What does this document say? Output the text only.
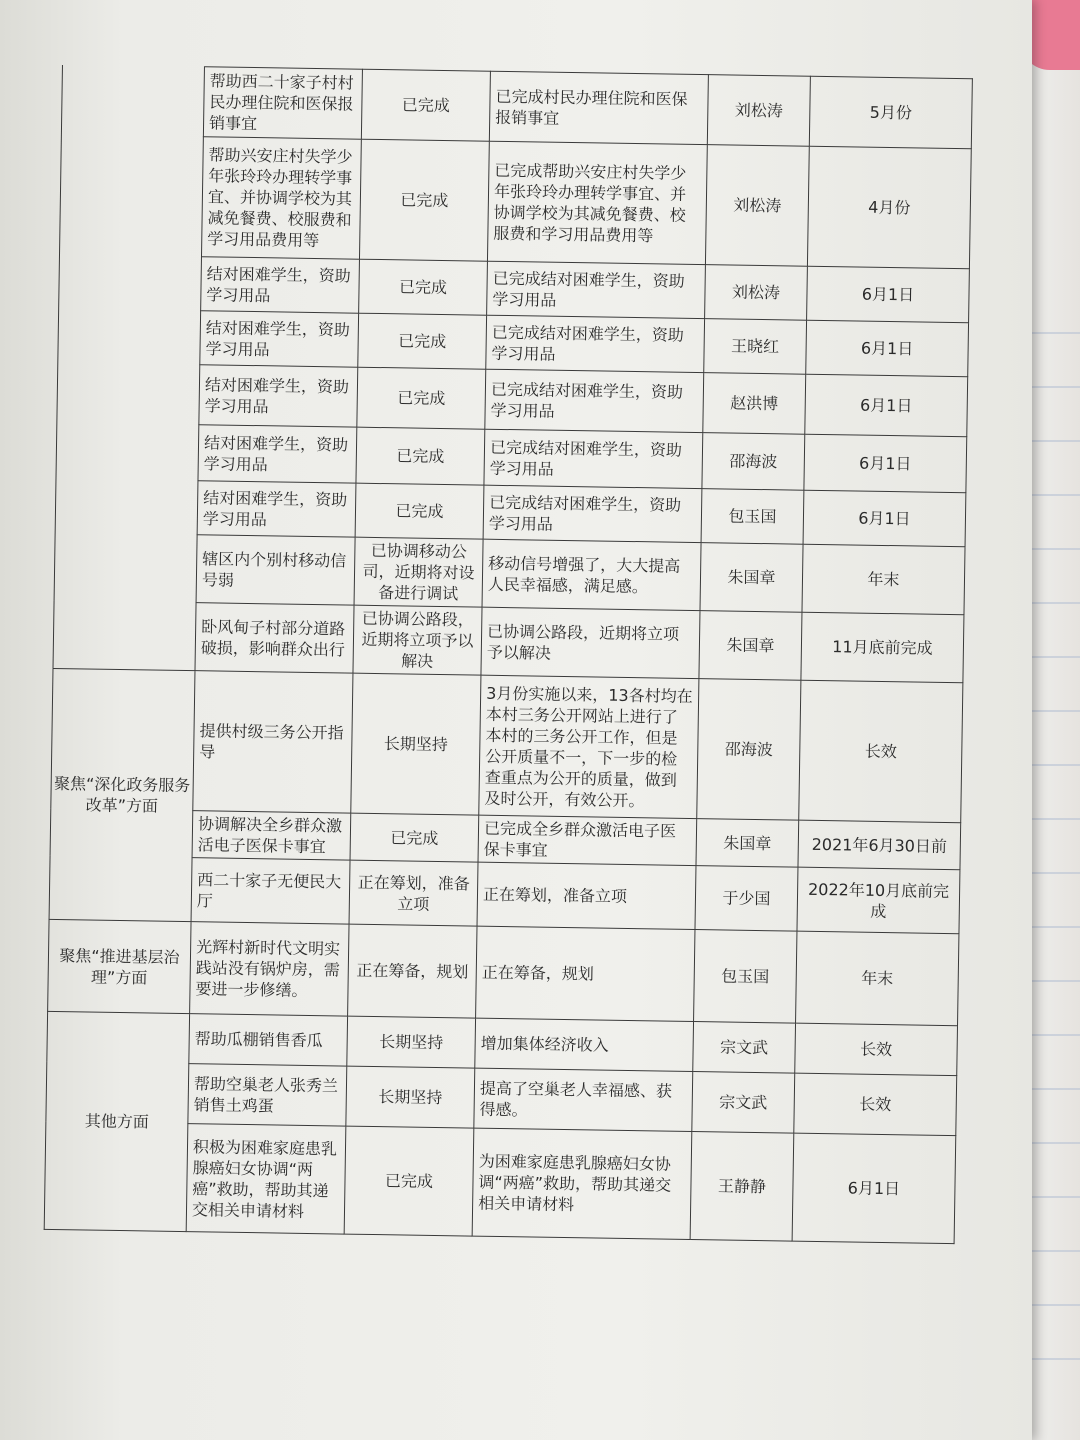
	帮助西二十家子村村民办理住院和医保报销事宜	已完成	已完成村民办理住院和医保报销事宜	刘松涛	5月份
	帮助兴安庄村失学少年张玲玲办理转学事宜、并协调学校为其减免餐费、校服费和学习用品费用等	已完成	已完成帮助兴安庄村失学少年张玲玲办理转学事宜、并协调学校为其减免餐费、校服费和学习用品费用等	刘松涛	4月份
	结对困难学生，资助学习用品	已完成	已完成结对困难学生，资助学习用品	刘松涛	6月1日
	结对困难学生，资助学习用品	已完成	已完成结对困难学生，资助学习用品	王晓红	6月1日
	结对困难学生，资助学习用品	已完成	已完成结对困难学生，资助学习用品	赵洪博	6月1日
	结对困难学生，资助学习用品	已完成	已完成结对困难学生，资助学习用品	邵海波	6月1日
	结对困难学生，资助学习用品	已完成	已完成结对困难学生，资助学习用品	包玉国	6月1日
	辖区内个别村移动信号弱	已协调移动公司，近期将对设备进行调试	移动信号增强了，大大提高人民幸福感，满足感。	朱国章	年末
	卧风甸子村部分道路破损，影响群众出行	已协调公路段，近期将立项予以解决	已协调公路段，近期将立项予以解决	朱国章	11月底前完成
聚焦“深化政务服务改革”方面	提供村级三务公开指导	长期坚持	3月份实施以来，13各村均在本村三务公开网站上进行了本村的三务公开工作，但是公开质量不一，下一步的检查重点为公开的质量，做到及时公开，有效公开。	邵海波	长效
	协调解决全乡群众激活电子医保卡事宜	已完成	已完成全乡群众激活电子医保卡事宜	朱国章	2021年6月30日前
	西二十家子无便民大厅	正在筹划，准备立项	正在筹划，准备立项	于少国	2022年10月底前完成
聚焦“推进基层治理”方面	光辉村新时代文明实践站没有锅炉房，需要进一步修缮。	正在筹备，规划	正在筹备，规划	包玉国	年末
其他方面	帮助瓜棚销售香瓜	长期坚持	增加集体经济收入	宗文武	长效
	帮助空巢老人张秀兰销售土鸡蛋	长期坚持	提高了空巢老人幸福感、获得感。	宗文武	长效
	积极为困难家庭患乳腺癌妇女协调“两癌”救助，帮助其递交相关申请材料	已完成	为困难家庭患乳腺癌妇女协调“两癌”救助，帮助其递交相关申请材料	王静静	6月1日
